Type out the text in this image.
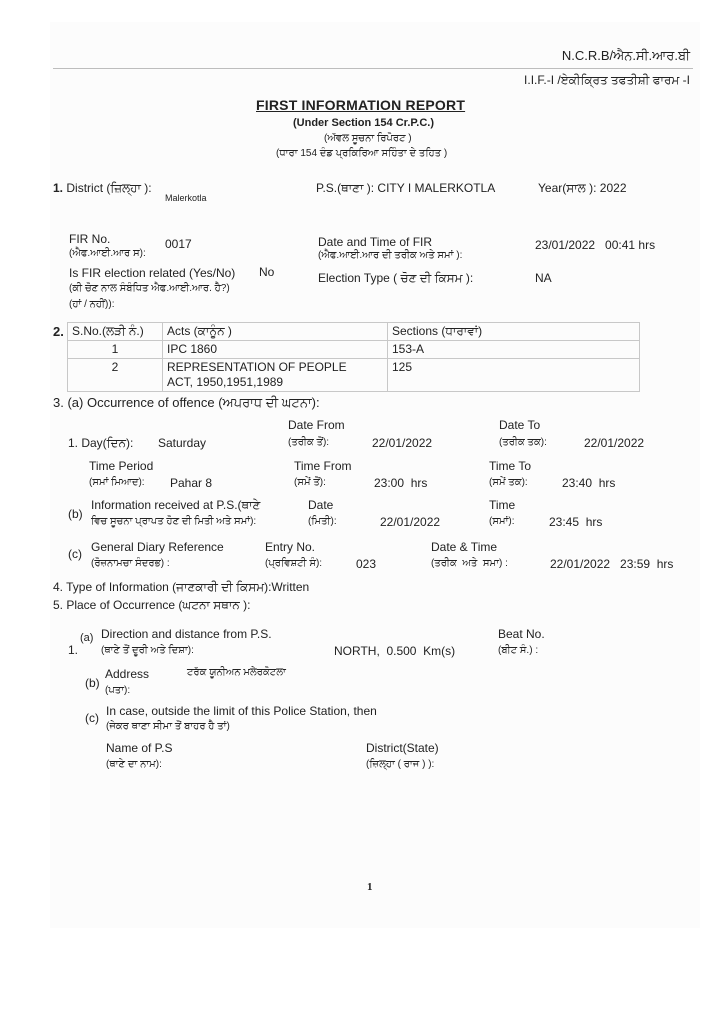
N.C.R.B/ਐਨ.ਸੀ.ਆਰ.ਬੀ
I.I.F.-I /ਏਕੀਕ੍ਰਿਤ ਤਫਤੀਸ਼ੀ ਫਾਰਮ -I
FIRST INFORMATION REPORT
(Under Section 154 Cr.P.C.)
(ਅੱਵਲ ਸੂਚਨਾ ਰਿਪੋਰਟ )
(ਧਾਰਾ 154 ਦੰਡ ਪ੍ਰਕਿਰਿਆ ਸਹਿੰਤਾ ਦੇ ਤਹਿਤ )
1. District (ਜ਼ਿਲ੍ਹਾ ):
Malerkotla
P.S.(ਥਾਣਾ ): CITY I MALERKOTLA	Year(ਸਾਲ ): 2022
FIR No.
(ਐਫ.ਆਈ.ਆਰ ਸ):
0017	Date and Time of FIR
(ਐਫ.ਆਈ.ਆਰ ਦੀ ਤਰੀਕ ਅਤੇ ਸਮਾਂ ):
23/01/2022   00:41 hrs
Is FIR election related (Yes/No) No
(ਕੀ ਚੋਣ ਨਾਲ ਸੰਬੰਧਿਤ ਐਫ.ਆਈ.ਆਰ. ਹੈ?)
(ਹਾਂ / ਨਹੀਂ)):
Election Type ( ਚੋਣ ਦੀ ਕਿਸਮ ):	NA
2. S.No.(ਲੜੀ ਨੰ.)	Acts (ਕਾਨੂੰਨ )	Sections (ਧਾਰਾਵਾਂ)
1	IPC 1860	153-A
2	REPRESENTATION OF PEOPLE
ACT, 1950,1951,1989	125
3. (a) Occurrence of offence (ਅਪਰਾਧ ਦੀ ਘਟਨਾ):
Date From	Date To
1. Day(ਦਿਨ): Saturday	(ਤਰੀਕ ਤੋਂ):	22/01/2022	(ਤਰੀਕ ਤਕ):	22/01/2022
Time Period	Time From	Time To
(ਸਮਾਂ ਮਿਆਦ): Pahar 8	(ਸਮੇਂ ਤੋਂ):	23:00  hrs	(ਸਮੇਂ ਤਕ):	23:40  hrs
(b)
Information received at P.S.(ਥਾਣੇ
ਵਿਚ ਸੂਚਨਾ ਪ੍ਰਾਪਤ ਹੋਣ ਦੀ ਮਿਤੀ ਅਤੇ ਸਮਾਂ):
Date
(ਮਿਤੀ):	22/01/2022
Time
(ਸਮਾਂ):	23:45  hrs
(c) General Diary Reference
(ਰੋਜ਼ਨਾਮਚਾ ਸੰਦਰਭ) :
Entry No.
(ਪ੍ਰਵਿਸ਼ਟੀ ਸੰ):	023
Date & Time
(ਤਰੀਕ  ਅਤੇ  ਸਮਾ) :	22/01/2022   23:59  hrs
4. Type of Information (ਜਾਣਕਾਰੀ ਦੀ ਕਿਸਮ):Written
5. Place of Occurrence (ਘਟਨਾ ਸਥਾਨ ):
1.
(a) Direction and distance from P.S.
(ਥਾਣੇ ਤੋਂ ਦੂਰੀ ਅਤੇ ਦਿਸ਼ਾ):	NORTH,  0.500  Km(s)
Beat No.
(ਬੀਟ ਸੰ.) :
(b)
Address
(ਪਤਾ):
ਟਰੱਕ ਯੂਨੀਅਨ ਮਲੇਰਕੋਟਲਾ
(c) In case, outside the limit of this Police Station, then
(ਜੇਕਰ ਥਾਣਾ ਸੀਮਾ ਤੋਂ ਬਾਹਰ ਹੈ ਤਾਂ)
Name of P.S
(ਥਾਣੇ ਦਾ ਨਾਮ):
District(State)
(ਜ਼ਿਲ੍ਹਾ ( ਰਾਜ ) ):
1
